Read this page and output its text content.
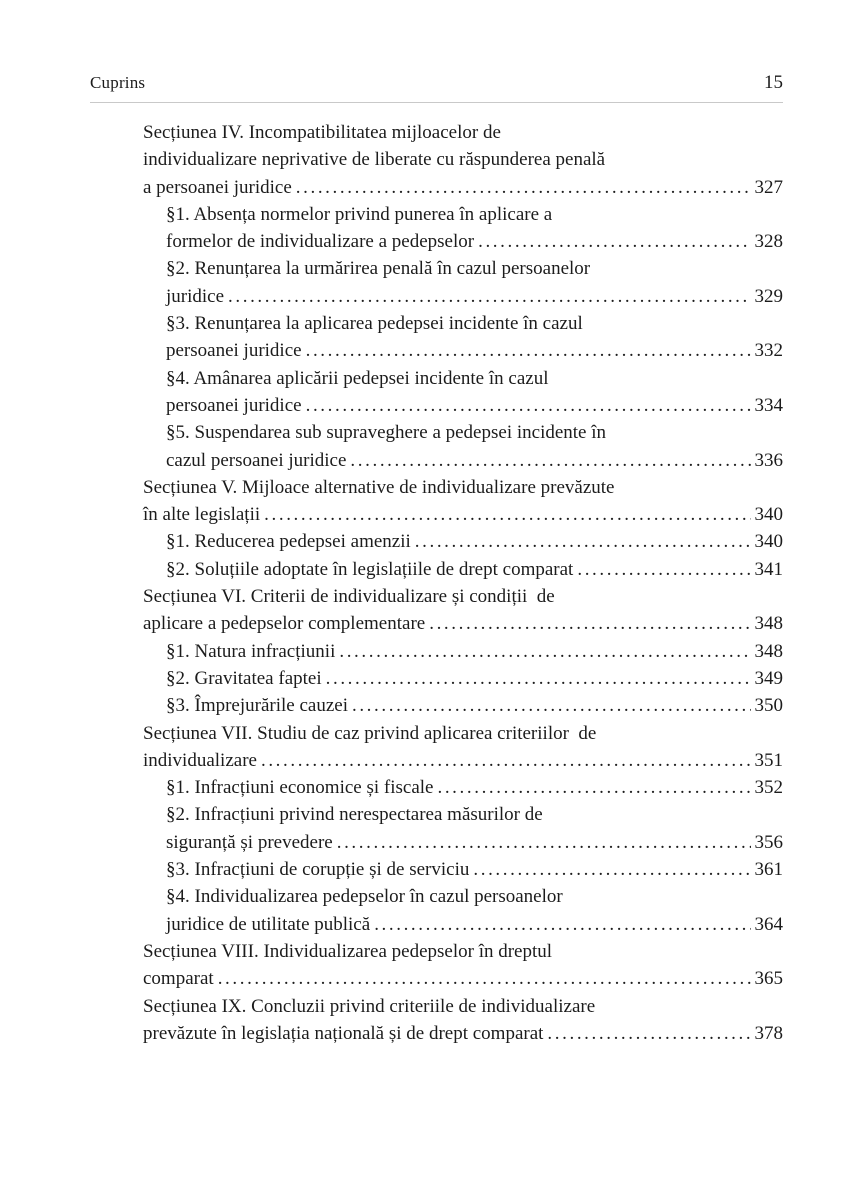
Cuprins	15
Secțiunea IV. Incompatibilitatea mijloacelor de
individualizare neprivative de liberate cu răspunderea penală
a persoanei juridice .....	327
§1. Absența normelor privind punerea în aplicare a
formelor de individualizare a pedepselor .....	328
§2. Renunțarea la urmărirea penală în cazul persoanelor
juridice .....	329
§3. Renunțarea la aplicarea pedepsei incidente în cazul
persoanei juridice .....	332
§4. Amânarea aplicării pedepsei incidente în cazul
persoanei juridice .....	334
§5. Suspendarea sub supraveghere a pedepsei incidente în
cazul persoanei juridice .....	336
Secțiunea V. Mijloace alternative de individualizare prevăzute
în alte legislații .....	340
§1. Reducerea pedepsei amenzii .....	340
§2. Soluțiile adoptate în legislațiile de drept comparat .....	341
Secțiunea VI. Criterii de individualizare și condiții  de
aplicare a pedepselor complementare .....	348
§1. Natura infracțiunii .....	348
§2. Gravitatea faptei .....	349
§3. Împrejurările cauzei .....	350
Secțiunea VII. Studiu de caz privind aplicarea criteriilor  de
individualizare .....	351
§1. Infracțiuni economice și fiscale .....	352
§2. Infracțiuni privind nerespectarea măsurilor de
siguranță și prevedere .....	356
§3. Infracțiuni de corupție și de serviciu .....	361
§4. Individualizarea pedepselor în cazul persoanelor
juridice de utilitate publică .....	364
Secțiunea VIII. Individualizarea pedepselor în dreptul
comparat .....	365
Secțiunea IX. Concluzii privind criteriile de individualizare
prevăzute în legislația națională și de drept comparat .....	378
